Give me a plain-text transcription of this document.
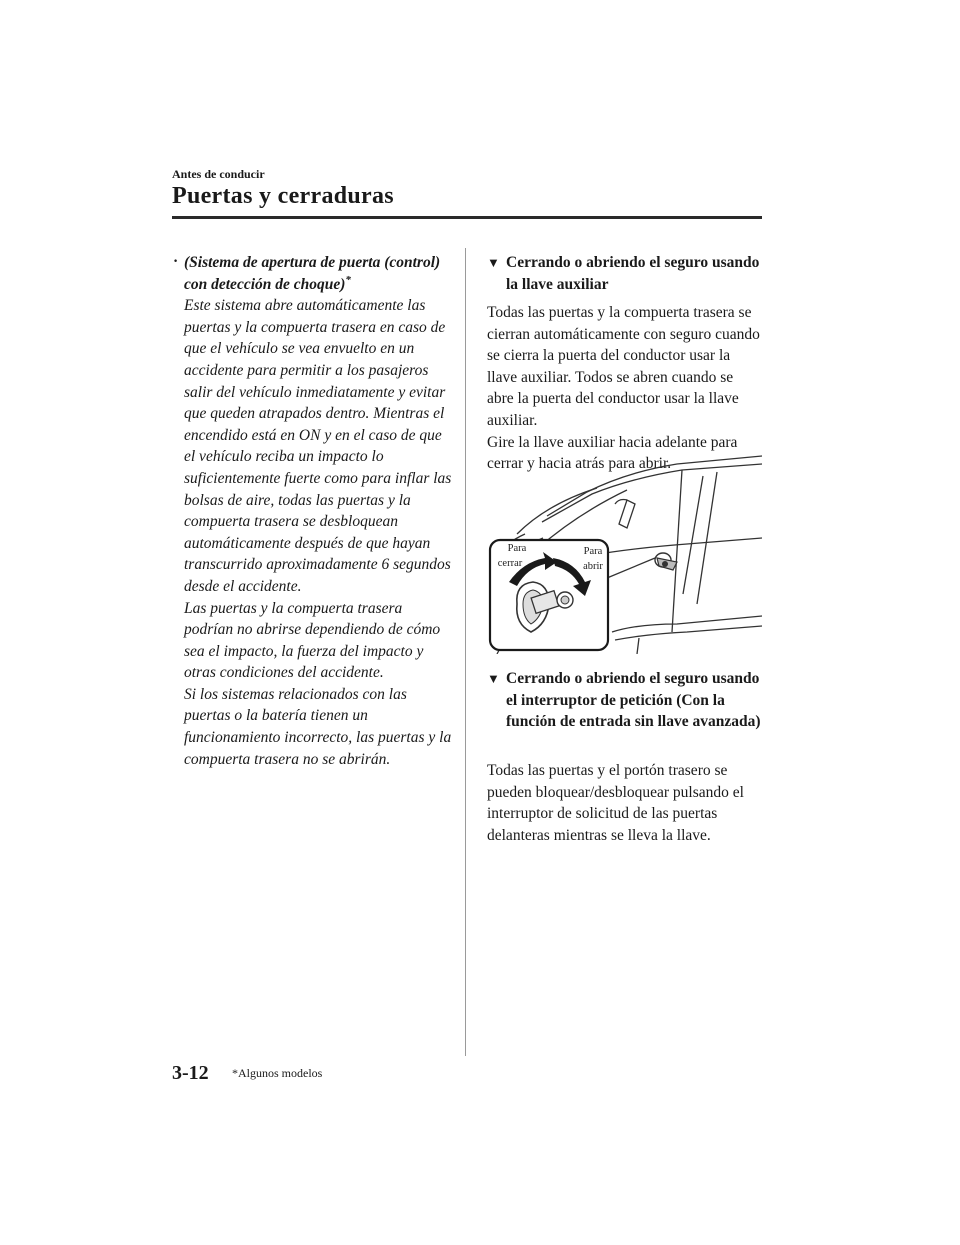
Antes de conducir
Puertas y cerraduras
· (Sistema de apertura de puerta (control) con detección de choque)*
Este sistema abre automáticamente las puertas y la compuerta trasera en caso de que el vehículo se vea envuelto en un accidente para permitir a los pasajeros salir del vehículo inmediatamente y evitar que queden atrapados dentro. Mientras el encendido está en ON y en el caso de que el vehículo reciba un impacto lo suficientemente fuerte como para inflar las bolsas de aire, todas las puertas y la compuerta trasera se desbloquean automáticamente después de que hayan transcurrido aproximadamente 6 segundos desde el accidente.
Las puertas y la compuerta trasera podrían no abrirse dependiendo de cómo sea el impacto, la fuerza del impacto y otras condiciones del accidente.
Si los sistemas relacionados con las puertas o la batería tienen un funcionamiento incorrecto, las puertas y la compuerta trasera no se abrirán.
▼ Cerrando o abriendo el seguro usando la llave auxiliar
Todas las puertas y la compuerta trasera se cierran automáticamente con seguro cuando se cierra la puerta del conductor usar la llave auxiliar. Todos se abren cuando se abre la puerta del conductor usar la llave auxiliar.
Gire la llave auxiliar hacia adelante para cerrar y hacia atrás para abrir.
Para
cerrar
Para
abrir
▼ Cerrando o abriendo el seguro usando el interruptor de petición (Con la función de entrada sin llave avanzada)
Todas las puertas y el portón trasero se pueden bloquear/desbloquear pulsando el interruptor de solicitud de las puertas delanteras mientras se lleva la llave.
3-12 *Algunos modelos
